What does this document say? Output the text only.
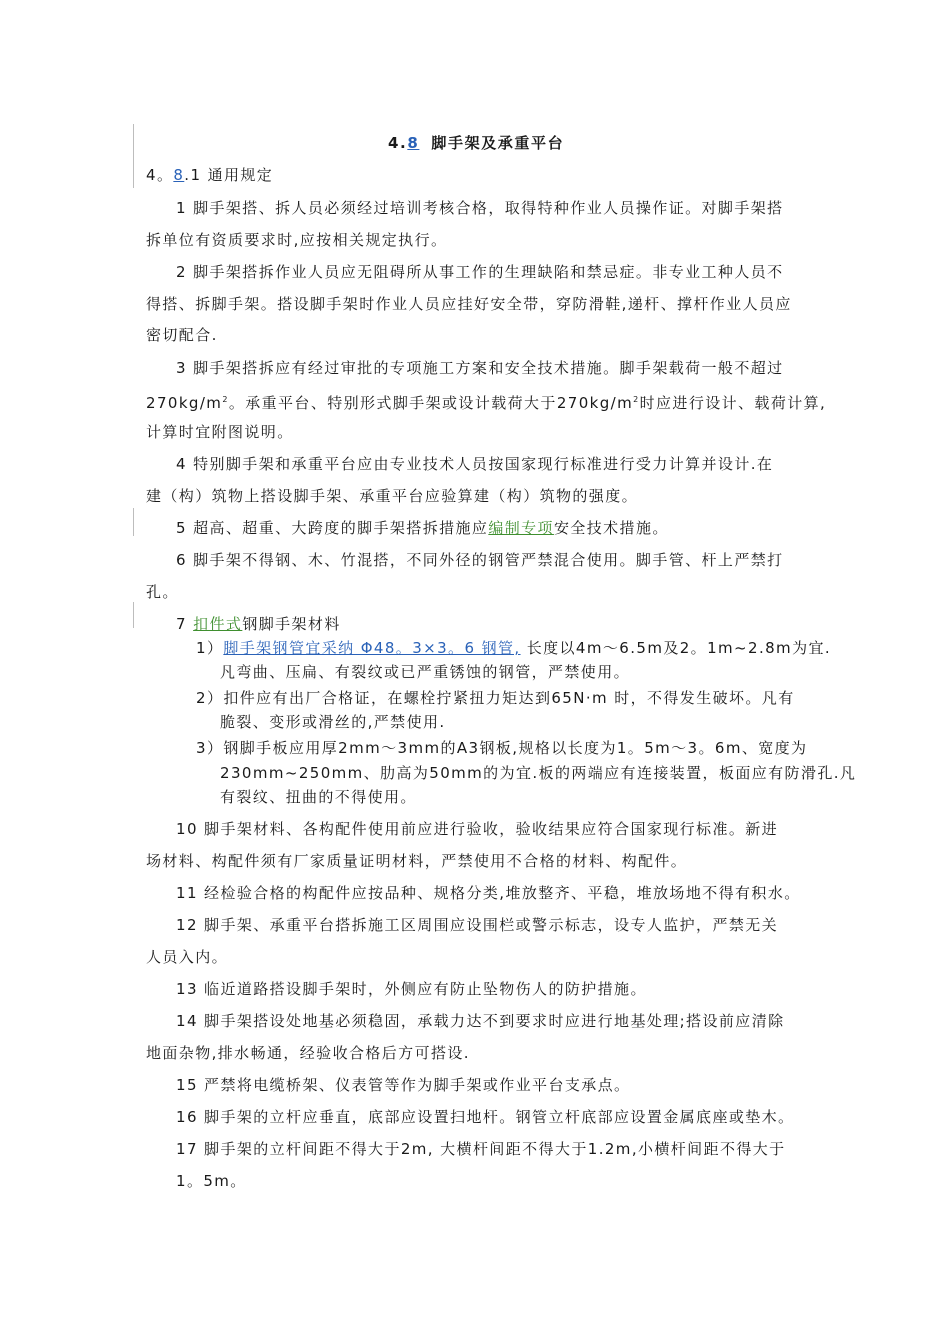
4.8 脚手架及承重平台
4。8.1 通用规定
1 脚手架搭、拆人员必须经过培训考核合格，取得特种作业人员操作证。对脚手架搭
拆单位有资质要求时,应按相关规定执行。
2 脚手架搭拆作业人员应无阻碍所从事工作的生理缺陷和禁忌症。非专业工种人员不
得搭、拆脚手架。搭设脚手架时作业人员应挂好安全带，穿防滑鞋,递杆、撑杆作业人员应
密切配合.
3 脚手架搭拆应有经过审批的专项施工方案和安全技术措施。脚手架载荷一般不超过
$270kg/m^2$。承重平台、特别形式脚手架或设计载荷大于$270kg/m^2$时应进行设计、载荷计算,
计算时宜附图说明。
4 特别脚手架和承重平台应由专业技术人员按国家现行标准进行受力计算并设计.在
建（构）筑物上搭设脚手架、承重平台应验算建（构）筑物的强度。
5 超高、超重、大跨度的脚手架搭拆措施应编制专项安全技术措施。
6 脚手架不得钢、木、竹混搭，不同外径的钢管严禁混合使用。脚手管、杆上严禁打
孔。
7 扣件式钢脚手架材料
1）脚手架钢管宜采纳 Φ48。3×3。6 钢管, 长度以4m～6.5m及2。1m~2.8m为宜.
凡弯曲、压扁、有裂纹或已严重锈蚀的钢管，严禁使用。
2）扣件应有出厂合格证，在螺栓拧紧扭力矩达到65N·m 时，不得发生破坏。凡有
脆裂、变形或滑丝的,严禁使用.
3）钢脚手板应用厚2mm～3mm的A3钢板,规格以长度为1。5m～3。6m、宽度为
230mm~250mm、肋高为50mm的为宜.板的两端应有连接装置，板面应有防滑孔.凡
有裂纹、扭曲的不得使用。
10 脚手架材料、各构配件使用前应进行验收，验收结果应符合国家现行标准。新进
场材料、构配件须有厂家质量证明材料，严禁使用不合格的材料、构配件。
11 经检验合格的构配件应按品种、规格分类,堆放整齐、平稳，堆放场地不得有积水。
12 脚手架、承重平台搭拆施工区周围应设围栏或警示标志，设专人监护，严禁无关
人员入内。
13 临近道路搭设脚手架时，外侧应有防止坠物伤人的防护措施。
14 脚手架搭设处地基必须稳固，承载力达不到要求时应进行地基处理;搭设前应清除
地面杂物,排水畅通，经验收合格后方可搭设.
15 严禁将电缆桥架、仪表管等作为脚手架或作业平台支承点。
16 脚手架的立杆应垂直，底部应设置扫地杆。钢管立杆底部应设置金属底座或垫木。
17 脚手架的立杆间距不得大于2m, 大横杆间距不得大于1.2m,小横杆间距不得大于
1。5m。
